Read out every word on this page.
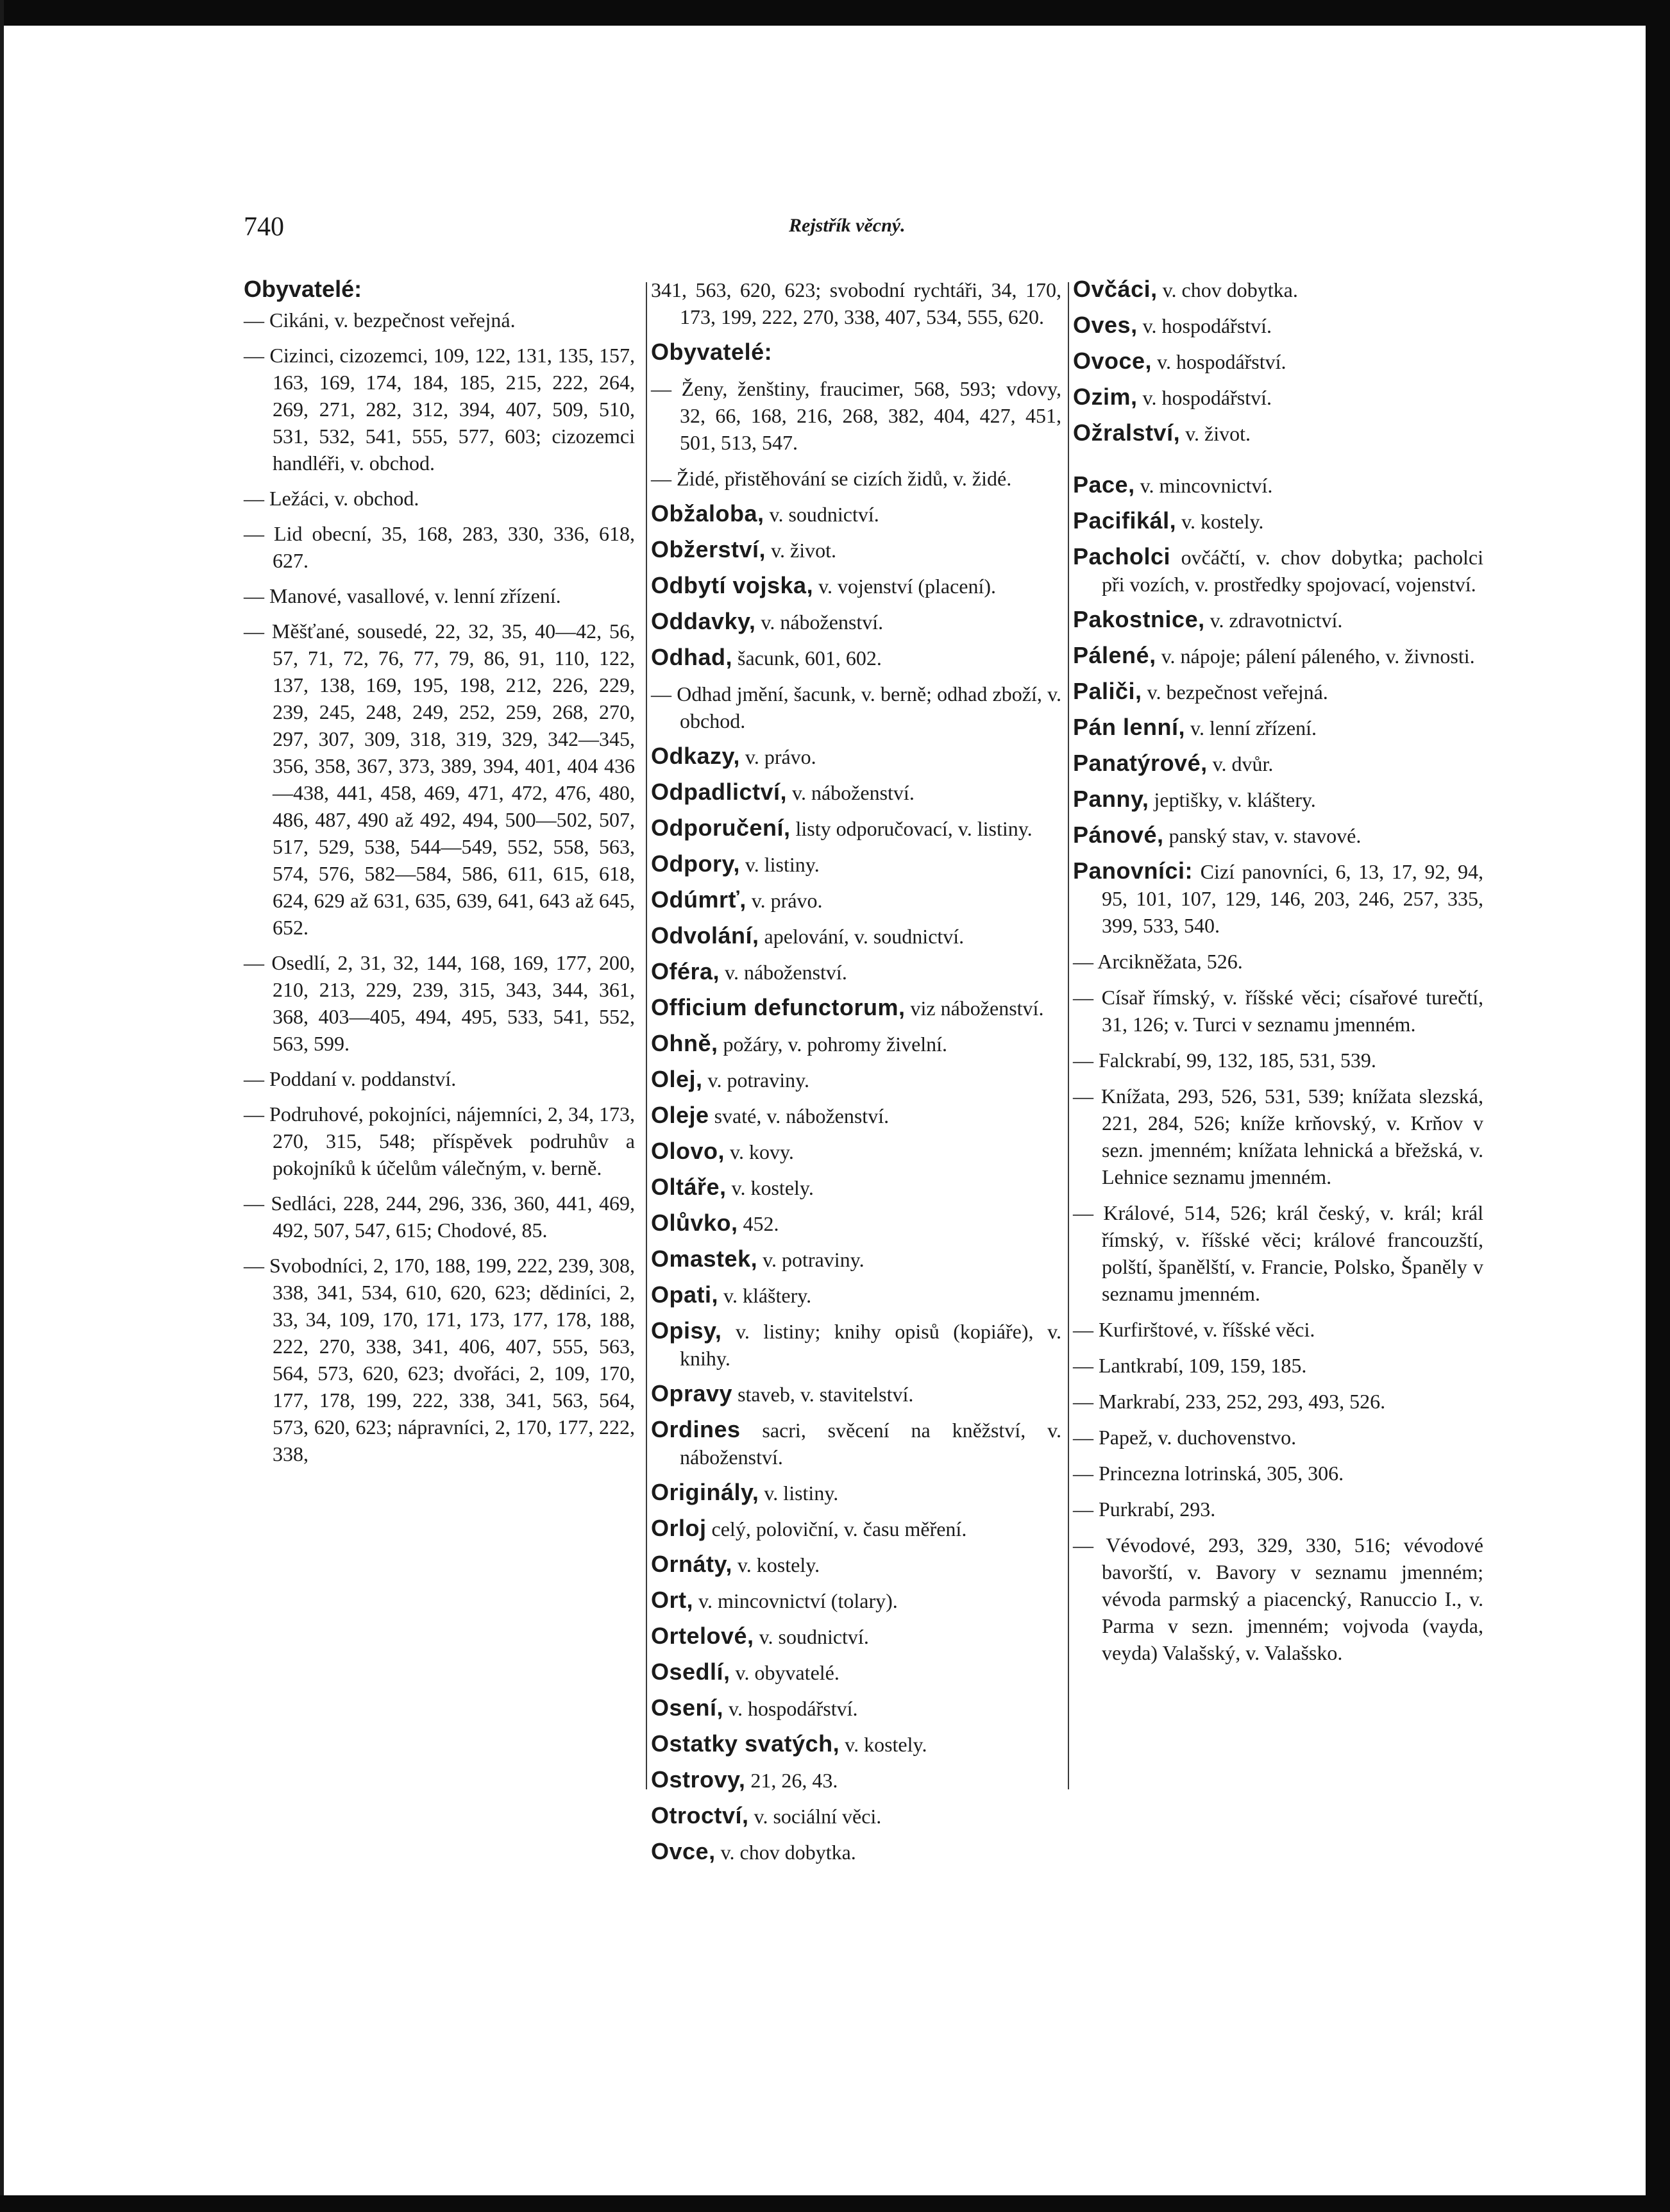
740	Rejstřík věcný.
Obyvatelé:
— Cikáni, v. bezpečnost veřejná.
— Cizinci, cizozemci, 109, 122, 131, 135, 157, 163, 169, 174, 184, 185, 215, 222, 264, 269, 271, 282, 312, 394, 407, 509, 510, 531, 532, 541, 555, 577, 603; cizozemci handléři, v. obchod.
— Ležáci, v. obchod.
— Lid obecní, 35, 168, 283, 330, 336, 618, 627.
— Manové, vasallové, v. lenní zřízení.
— Měšťané, sousedé, 22, 32, 35, 40—42, 56, 57, 71, 72, 76, 77, 79, 86, 91, 110, 122, 137, 138, 169, 195, 198, 212, 226, 229, 239, 245, 248, 249, 252, 259, 268, 270, 297, 307, 309, 318, 319, 329, 342—345, 356, 358, 367, 373, 389, 394, 401, 404 436—438, 441, 458, 469, 471, 472, 476, 480, 486, 487, 490 až 492, 494, 500—502, 507, 517, 529, 538, 544—549, 552, 558, 563, 574, 576, 582—584, 586, 611, 615, 618, 624, 629 až 631, 635, 639, 641, 643 až 645, 652.
— Osedlí, 2, 31, 32, 144, 168, 169, 177, 200, 210, 213, 229, 239, 315, 343, 344, 361, 368, 403—405, 494, 495, 533, 541, 552, 563, 599.
— Poddaní v. poddanství.
— Podruhové, pokojníci, nájemníci, 2, 34, 173, 270, 315, 548; příspěvek podruhův a pokojníků k účelům válečným, v. berně.
— Sedláci, 228, 244, 296, 336, 360, 441, 469, 492, 507, 547, 615; Chodové, 85.
— Svobodníci, 2, 170, 188, 199, 222, 239, 308, 338, 341, 534, 610, 620, 623; dědiníci, 2, 33, 34, 109, 170, 171, 173, 177, 178, 188, 222, 270, 338, 341, 406, 407, 555, 563, 564, 573, 620, 623; dvořáci, 2, 109, 170, 177, 178, 199, 222, 338, 341, 563, 564, 573, 620, 623; nápravníci, 2, 170, 177, 222, 338,
341, 563, 620, 623; svobodní rychtáři, 34, 170, 173, 199, 222, 270, 338, 407, 534, 555, 620.
Obyvatelé:
— Ženy, ženštiny, fraucimer, 568, 593; vdovy, 32, 66, 168, 216, 268, 382, 404, 427, 451, 501, 513, 547.
— Židé, přistěhování se cizích židů, v. židé.
Obžaloba, v. soudnictví.
Obžerství, v. život.
Odbytí vojska, v. vojenství (placení).
Oddavky, v. náboženství.
Odhad, šacunk, 601, 602.
— Odhad jmění, šacunk, v. berně; odhad zboží, v. obchod.
Odkazy, v. právo.
Odpadlictví, v. náboženství.
Odporučení, listy odporučovací, v. listiny.
Odpory, v. listiny.
Odúmrť, v. právo.
Odvolání, apelování, v. soudnictví.
Oféra, v. náboženství.
Officium defunctorum, viz náboženství.
Ohně, požáry, v. pohromy živelní.
Olej, v. potraviny.
Oleje svaté, v. náboženství.
Olovo, v. kovy.
Oltáře, v. kostely.
Olůvko, 452.
Omastek, v. potraviny.
Opati, v. kláštery.
Opisy, v. listiny; knihy opisů (kopiáře), v. knihy.
Opravy staveb, v. stavitelství.
Ordines sacri, svěcení na kněžství, v. náboženství.
Originály, v. listiny.
Orloj celý, poloviční, v. času měření.
Ornáty, v. kostely.
Ort, v. mincovnictví (tolary).
Ortelové, v. soudnictví.
Osedlí, v. obyvatelé.
Osení, v. hospodářství.
Ostatky svatých, v. kostely.
Ostrovy, 21, 26, 43.
Otroctví, v. sociální věci.
Ovce, v. chov dobytka.
Ovčáci, v. chov dobytka.
Oves, v. hospodářství.
Ovoce, v. hospodářství.
Ozim, v. hospodářství.
Ožralství, v. život.
Pace, v. mincovnictví.
Pacifikál, v. kostely.
Pacholci ovčáčtí, v. chov dobytka; pacholci při vozích, v. prostředky spojovací, vojenství.
Pakostnice, v. zdravotnictví.
Pálené, v. nápoje; pálení páleného, v. živnosti.
Paliči, v. bezpečnost veřejná.
Pán lenní, v. lenní zřízení.
Panatýrové, v. dvůr.
Panny, jeptišky, v. kláštery.
Pánové, panský stav, v. stavové.
Panovníci: Cizí panovníci, 6, 13, 17, 92, 94, 95, 101, 107, 129, 146, 203, 246, 257, 335, 399, 533, 540.
— Arcikněžata, 526.
— Císař římský, v. říšské věci; císařové turečtí, 31, 126; v. Turci v seznamu jmenném.
— Falckrabí, 99, 132, 185, 531, 539.
— Knížata, 293, 526, 531, 539; knížata slezská, 221, 284, 526; kníže krňovský, v. Krňov v sezn. jmenném; knížata lehnická a břežská, v. Lehnice seznamu jmenném.
— Králové, 514, 526; král český, v. král; král římský, v. říšské věci; králové francouzští, polští, španělští, v. Francie, Polsko, Španěly v seznamu jmenném.
— Kurfirštové, v. říšské věci.
— Lantkrabí, 109, 159, 185.
— Markrabí, 233, 252, 293, 493, 526.
— Papež, v. duchovenstvo.
— Princezna lotrinská, 305, 306.
— Purkrabí, 293.
— Vévodové, 293, 329, 330, 516; vévodové bavorští, v. Bavory v seznamu jmenném; vévoda parmský a piacencký, Ranuccio I., v. Parma v sezn. jmenném; vojvoda (vayda, veyda) Valašský, v. Valašsko.
